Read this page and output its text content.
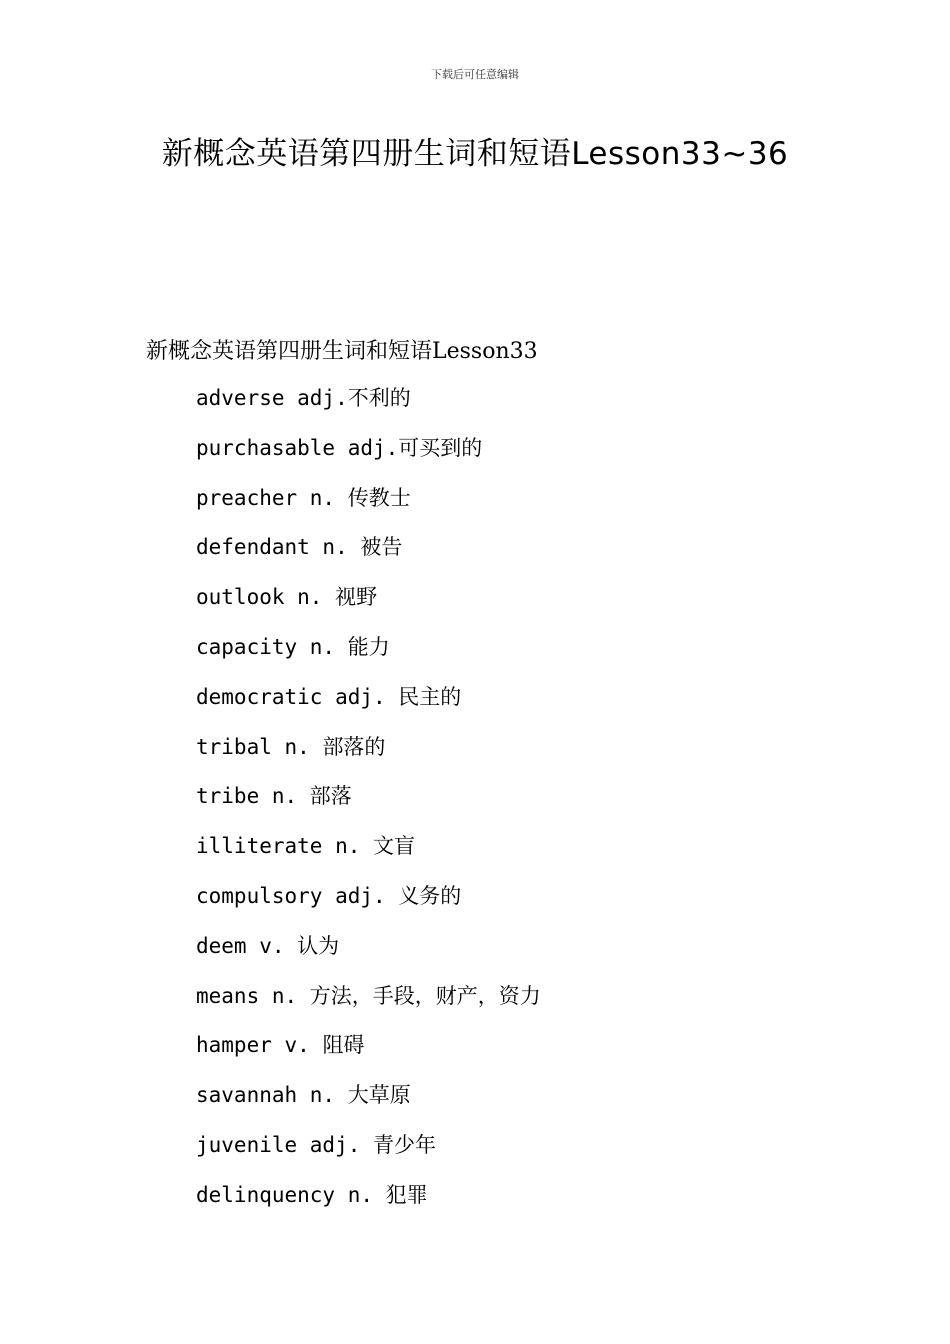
下载后可任意编辑
新概念英语第四册生词和短语Lesson33~36
新概念英语第四册生词和短语Lesson33
adverse adj.不利的
purchasable adj.可买到的
preacher n. 传教士
defendant n. 被告
outlook n. 视野
capacity n. 能力
democratic adj. 民主的
tribal n. 部落的
tribe n. 部落
illiterate n. 文盲
compulsory adj. 义务的
deem v. 认为
means n. 方法，手段，财产，资力
hamper v. 阻碍
savannah n. 大草原
juvenile adj. 青少年
delinquency n. 犯罪
